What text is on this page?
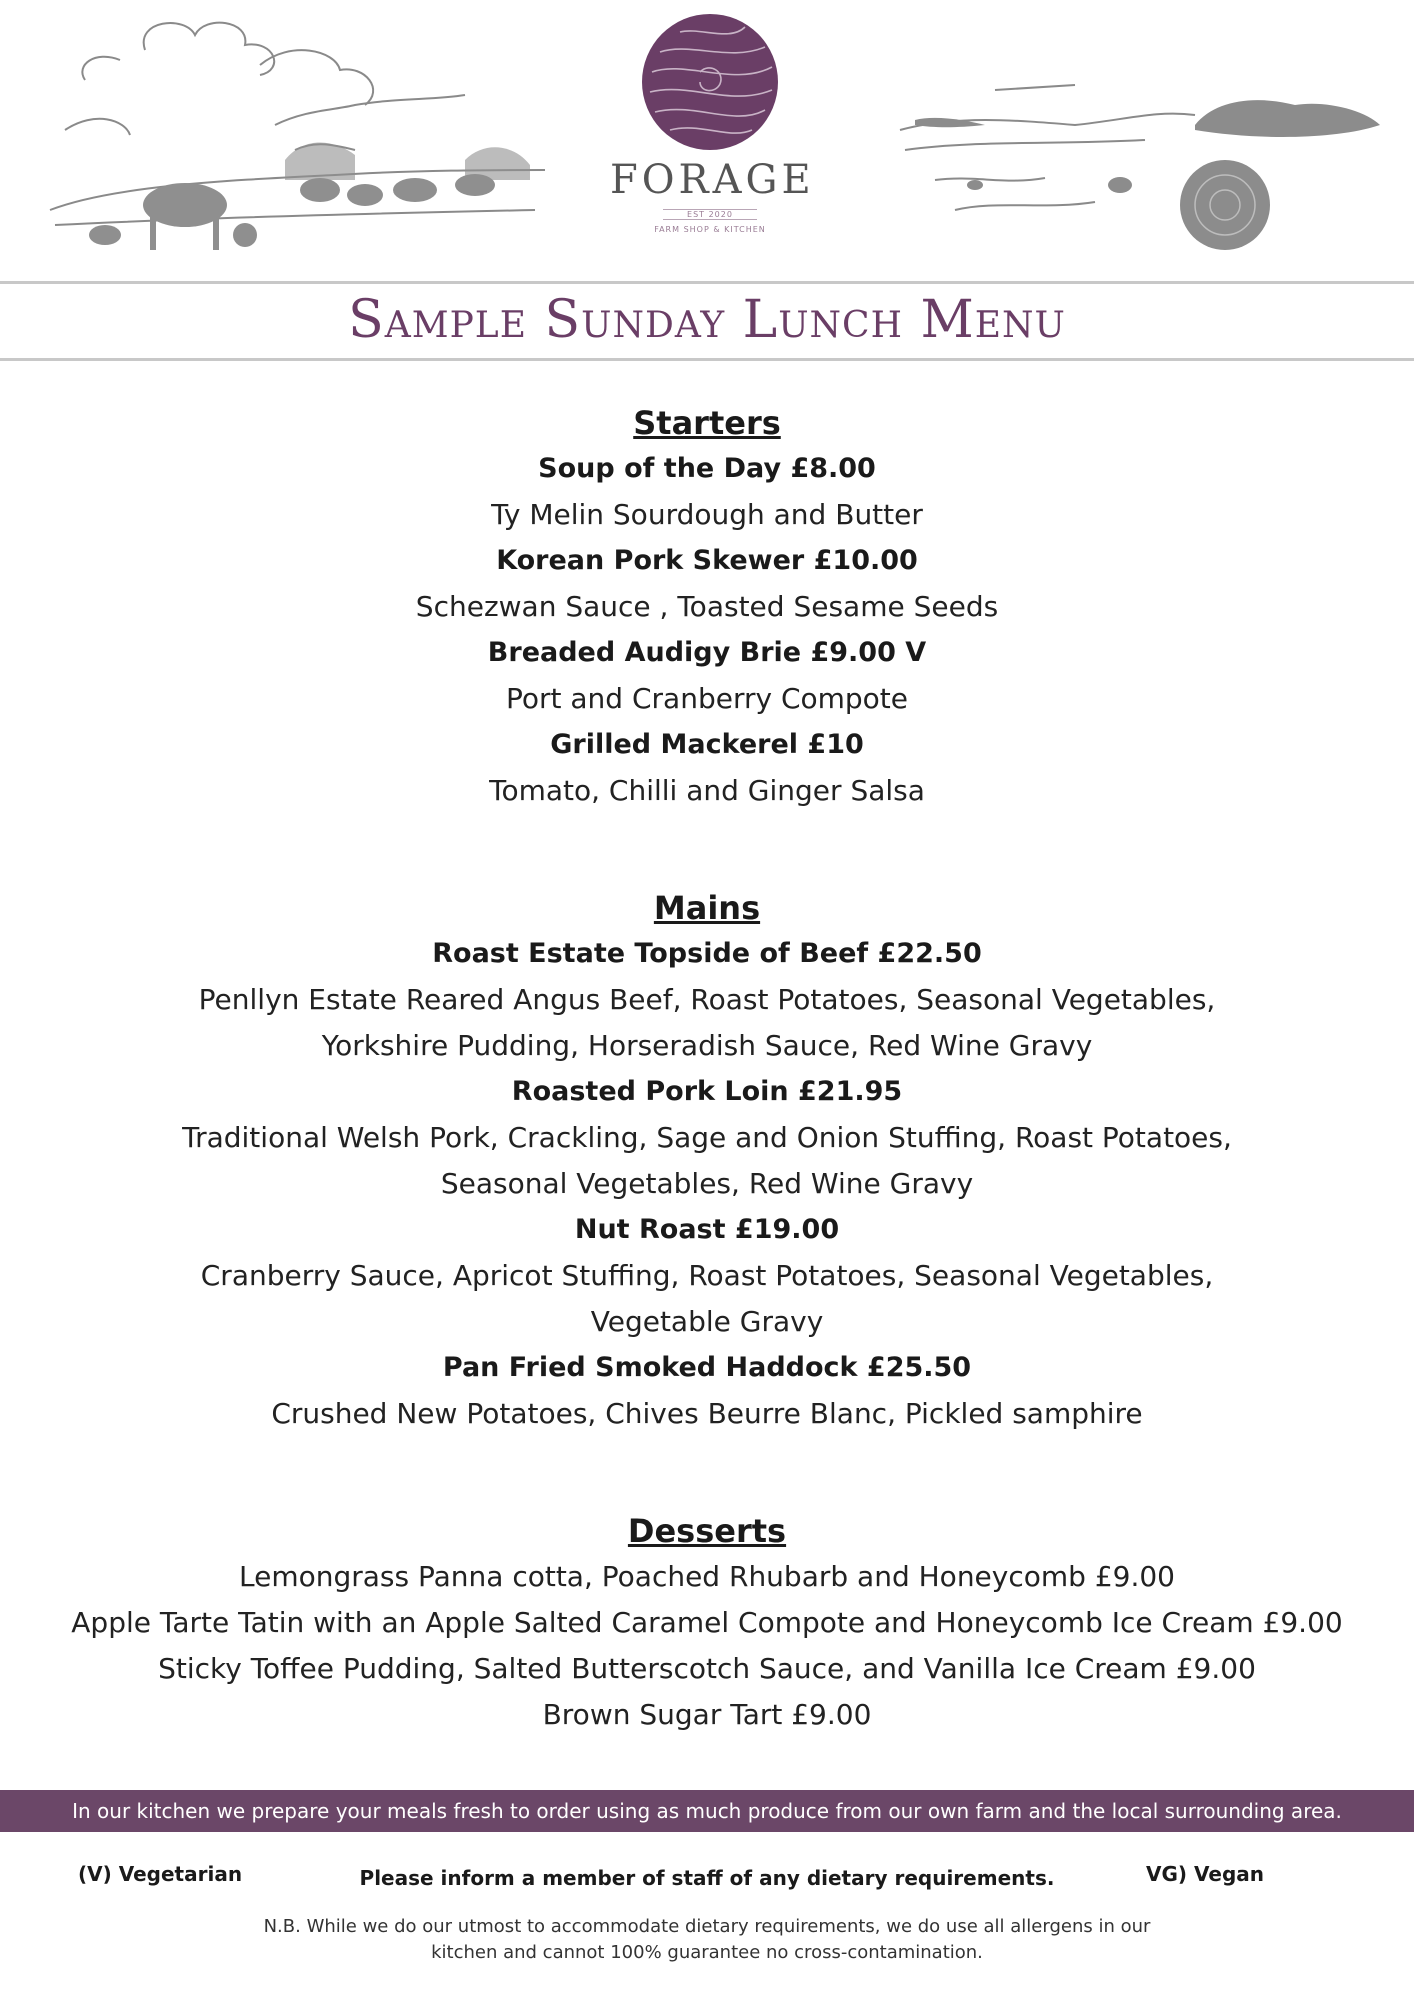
FORAGE
EST 2020
FARM SHOP & KITCHEN
Sample Sunday Lunch Menu
Starters
Soup of the Day £8.00
Ty Melin Sourdough and Butter
Korean Pork Skewer £10.00
Schezwan Sauce , Toasted Sesame Seeds
Breaded Audigy Brie £9.00 V
Port and Cranberry Compote
Grilled Mackerel £10
Tomato, Chilli and Ginger Salsa
Mains
Roast Estate Topside of Beef £22.50
Penllyn Estate Reared Angus Beef, Roast Potatoes, Seasonal Vegetables,
Yorkshire Pudding, Horseradish Sauce, Red Wine Gravy
Roasted Pork Loin £21.95
Traditional Welsh Pork, Crackling, Sage and Onion Stuffing, Roast Potatoes,
Seasonal Vegetables, Red Wine Gravy
Nut Roast £19.00
Cranberry Sauce, Apricot Stuffing, Roast Potatoes, Seasonal Vegetables,
Vegetable Gravy
Pan Fried Smoked Haddock £25.50
Crushed New Potatoes, Chives Beurre Blanc, Pickled samphire
Desserts
Lemongrass Panna cotta, Poached Rhubarb and Honeycomb £9.00
Apple Tarte Tatin with an Apple Salted Caramel Compote and Honeycomb Ice Cream £9.00
Sticky Toffee Pudding, Salted Butterscotch Sauce, and Vanilla Ice Cream £9.00
Brown Sugar Tart £9.00
In our kitchen we prepare your meals fresh to order using as much produce from our own farm and the local surrounding area.
(V) Vegetarian	Please inform a member of staff of any dietary requirements.	VG) Vegan
N.B. While we do our utmost to accommodate dietary requirements, we do use all allergens in our
kitchen and cannot 100% guarantee no cross-contamination.
